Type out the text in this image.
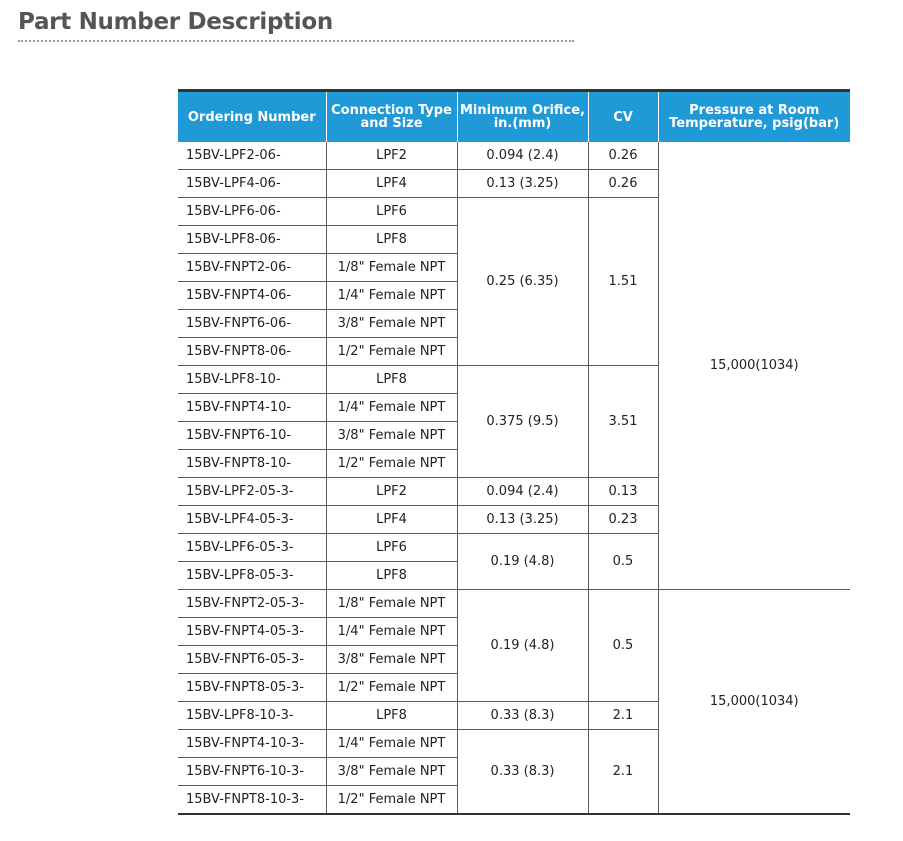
Part Number Description
Ordering Number	Connection Type and Size	Minimum Orifice, in.(mm)	CV	Pressure at Room Temperature, psig(bar)
15BV-LPF2-06-	LPF2	0.094 (2.4)	0.26	15,000(1034)
15BV-LPF4-06-	LPF4	0.13 (3.25)	0.26	
15BV-LPF6-06-	LPF6	0.25 (6.35)	1.51	
15BV-LPF8-06-	LPF8			
15BV-FNPT2-06-	1/8" Female NPT			
15BV-FNPT4-06-	1/4" Female NPT			
15BV-FNPT6-06-	3/8" Female NPT			
15BV-FNPT8-06-	1/2" Female NPT			
15BV-LPF8-10-	LPF8	0.375 (9.5)	3.51	
15BV-FNPT4-10-	1/4" Female NPT			
15BV-FNPT6-10-	3/8" Female NPT			
15BV-FNPT8-10-	1/2" Female NPT			
15BV-LPF2-05-3-	LPF2	0.094 (2.4)	0.13	
15BV-LPF4-05-3-	LPF4	0.13 (3.25)	0.23	
15BV-LPF6-05-3-	LPF6	0.19 (4.8)	0.5	
15BV-LPF8-05-3-	LPF8			
15BV-FNPT2-05-3-	1/8" Female NPT	0.19 (4.8)	0.5	15,000(1034)
15BV-FNPT4-05-3-	1/4" Female NPT			
15BV-FNPT6-05-3-	3/8" Female NPT			
15BV-FNPT8-05-3-	1/2" Female NPT			
15BV-LPF8-10-3-	LPF8	0.33 (8.3)	2.1	
15BV-FNPT4-10-3-	1/4" Female NPT	0.33 (8.3)	2.1	
15BV-FNPT6-10-3-	3/8" Female NPT			
15BV-FNPT8-10-3-	1/2" Female NPT			
